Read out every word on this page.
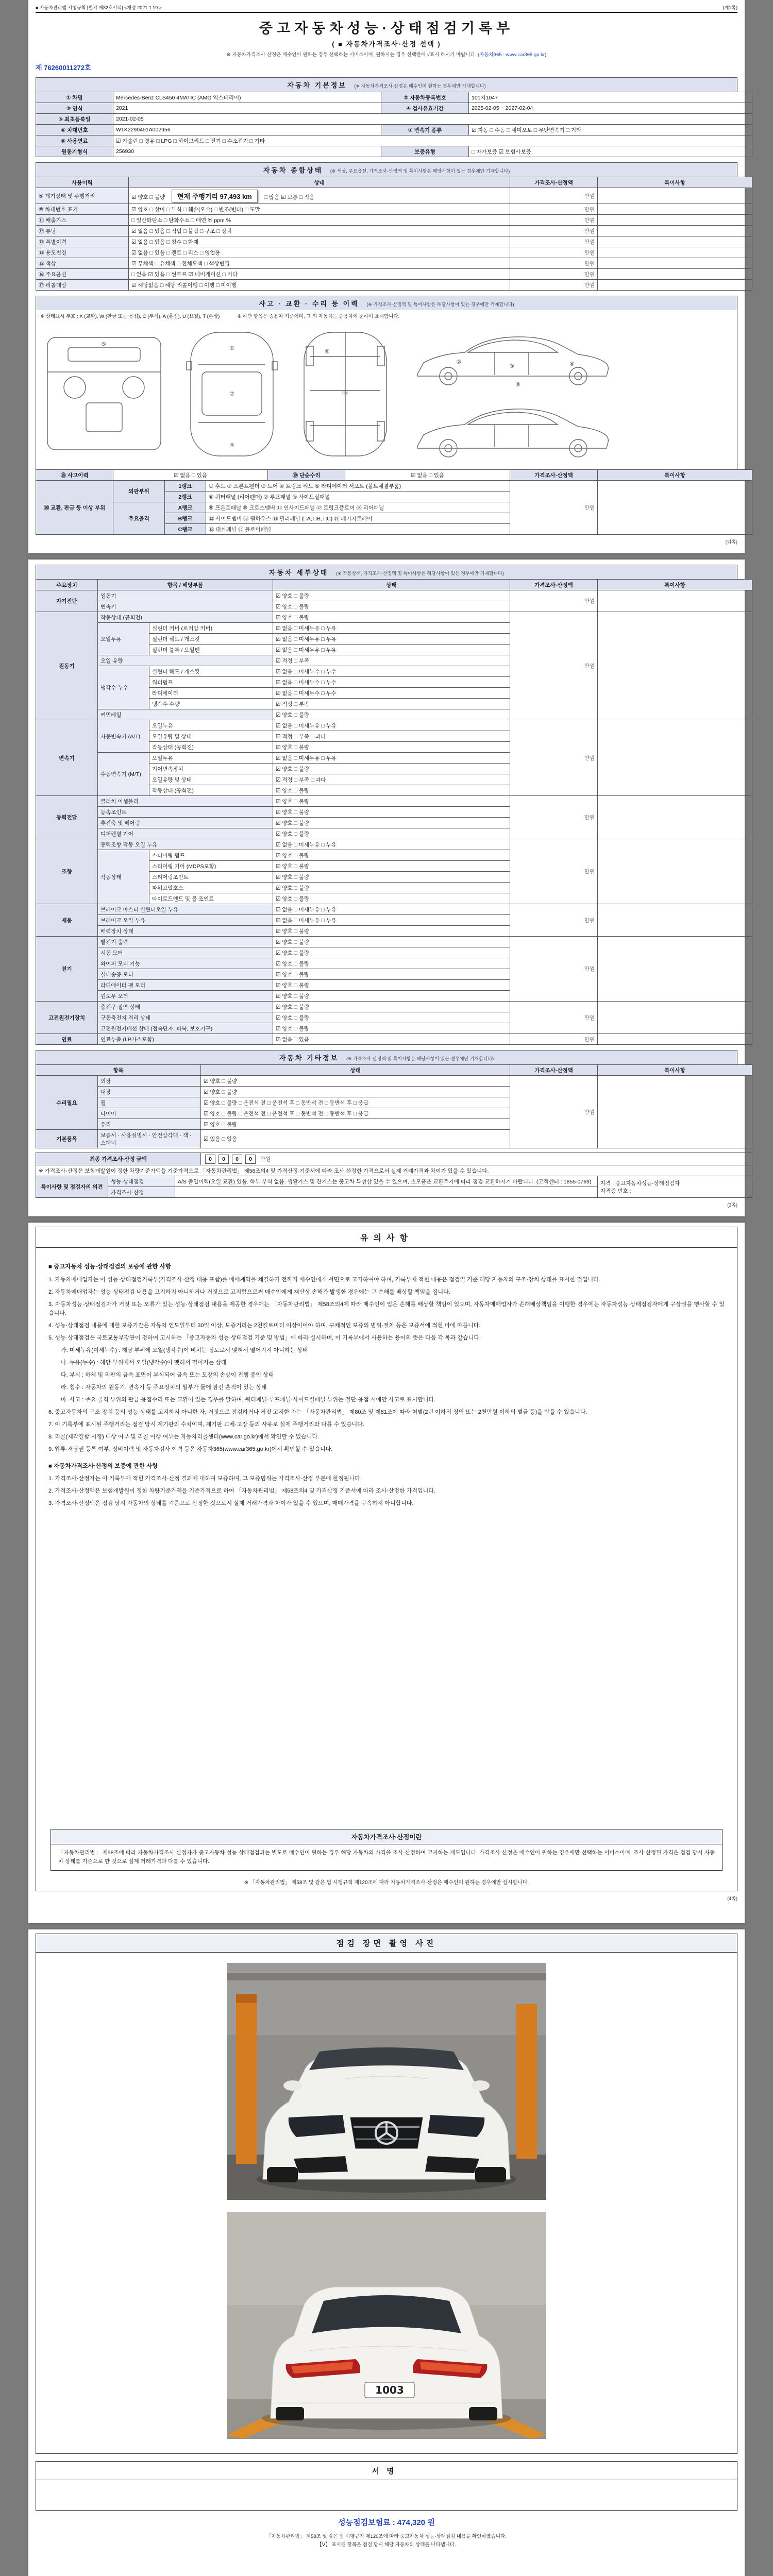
■ 자동차관리법 시행규칙 [별지 제82호서식] <개정 2021.1.19.>	(제1쪽)
중고자동차성능·상태점검기록부
( ■ 자동차가격조사·산정 선택 )
※ 자동차가격조사·산정은 매수인이 원하는 경우 선택하는 서비스이며, 원하시는 경우 선택란에 √표시 하시기 바랍니다. (자동차365 : www.car365.go.kr)
제 76260011272호
자동차 기본정보 (※ 자동차가격조사·산정은 매수인이 원하는 경우에만 기재합니다)
① 차명	Mercedes-Benz CLS450 4MATIC (AMG 익스테리어)	② 자동차등록번호	101저1047
③ 연식	2021	④ 검사유효기간	2025-02-05 ~ 2027-02-04
⑤ 최초등록일	2021-02-05		
⑥ 차대번호	W1K2290451A002956	⑦ 변속기 종류	☑ 자동 □ 수동 □ 세미오토 □ 무단변속기 □ 기타
⑧ 사용연료	☑ 가솔린 □ 경유 □ LPG □ 하이브리드 □ 전기 □ 수소전기 □ 기타		
원동기형식	256930	보증유형	□ 자가보증 ☑ 보험사보증
자동차 종합상태 (※ 색상, 주요옵션, 가격조사·산정액 및 특이사항은 해당사항이 있는 경우에만 기재합니다)
사용이력	상태	가격조사·산정액	특이사항
⑨ 계기상태 및 주행거리	☑ 양호 □ 불량 현재 주행거리 97,493 km □ 많음 ☑ 보통 □ 적음	만원	
⑩ 차대번호 표기	☑ 양호 □ 상이 □ 부식 □ 훼손(오손) □ 변조(변타) □ 도말	만원	
⑪ 배출가스	□ 일산화탄소 □ 탄화수소 □ 매연 % ppm %	만원	
⑫ 튜닝	☑ 없음 □ 있음 □ 적법 □ 불법 □ 구조 □ 장치	만원	
⑬ 특별이력	☑ 없음 □ 있음 □ 침수 □ 화재	만원	
⑭ 용도변경	☑ 없음 □ 있음 □ 렌트 □ 리스 □ 영업용	만원	
⑮ 색상	☑ 무채색 □ 유채색 □ 전체도색 □ 색상변경	만원	
⑯ 주요옵션	□ 없음 ☑ 있음 □ 썬루프 ☑ 네비게이션 □ 기타	만원	
⑰ 리콜대상	☑ 해당없음 □ 해당 리콜이행 □ 이행 □ 미이행	만원	
사고 · 교환 · 수리 등 이력 (※ 가격조사·산정액 및 특이사항은 해당사항이 있는 경우에만 기재합니다)
※ 상태표시 부호 : X (교환), W (판금 또는 용접), C (부식), A (흠집), U (요철), T (손상)	※ 하단 항목은 승용차 기준이며, 그 외 자동차는 승용차에 준하여 표시합니다.
①
⑦
④
⑯
⑨
②
③	⑥
⑧
⑤
⑱ 사고이력	☑ 없음 □ 있음	⑲ 단순수리	☑ 없음 □ 있음	가격조사·산정액	특이사항
⑳ 교환, 판금 등 이상 부위	외판부위	1랭크	① 후드 ② 프론트펜더 ③ 도어 ④ 트렁크 리드 ⑤ 라디에이터 서포트 (볼트체결부품)	만원	
		2랭크	⑥ 쿼터패널 (리어펜더) ⑦ 루프패널 ⑧ 사이드실패널		
	주요골격	A랭크	⑨ 프론트패널 ⑩ 크로스멤버 ⑪ 인사이드패널 ⑰ 트렁크플로어 ⑱ 리어패널		
		B랭크	⑫ 사이드멤버 ⑬ 휠하우스 ⑭ 필러패널 (□A, □B, □C) ⑲ 패키지트레이		
		C랭크	⑮ 대쉬패널 ⑯ 플로어패널		
(뒤쪽)
자동차 세부상태 (※ 작동상태, 가격조사·산정액 및 특이사항은 해당사항이 있는 경우에만 기재합니다)
주요장치	항목 / 해당부품		상태	가격조사·산정액	특이사항
자기진단	원동기		☑ 양호 □ 불량	만원	
	변속기		☑ 양호 □ 불량		
원동기	작동상태 (공회전)		☑ 양호 □ 불량	만원	
	오일누유	실린더 커버 (로커암 커버)	☑ 없음 □ 미세누유 □ 누유		
		실린더 헤드 / 개스킷	☑ 없음 □ 미세누유 □ 누유		
		실린더 블록 / 오일팬	☑ 없음 □ 미세누유 □ 누유		
	오일 유량		☑ 적정 □ 부족		
	냉각수 누수	실린더 헤드 / 개스킷	☑ 없음 □ 미세누수 □ 누수		
		워터펌프	☑ 없음 □ 미세누수 □ 누수		
		라디에이터	☑ 없음 □ 미세누수 □ 누수		
		냉각수 수량	☑ 적정 □ 부족		
	커먼레일		☑ 양호 □ 불량		
변속기	자동변속기 (A/T)	오일누유	☑ 없음 □ 미세누유 □ 누유	만원	
		오일유량 및 상태	☑ 적정 □ 부족 □ 과다		
		작동상태 (공회전)	☑ 양호 □ 불량		
	수동변속기 (M/T)	오일누유	☑ 없음 □ 미세누유 □ 누유		
		기어변속장치	☑ 양호 □ 불량		
		오일유량 및 상태	☑ 적정 □ 부족 □ 과다		
		작동상태 (공회전)	☑ 양호 □ 불량		
동력전달	클러치 어셈블리		☑ 양호 □ 불량	만원	
	등속조인트		☑ 양호 □ 불량		
	추진축 및 베어링		☑ 양호 □ 불량		
	디퍼렌셜 기어		☑ 양호 □ 불량		
조향	동력조향 작동 오일 누유		☑ 없음 □ 미세누유 □ 누유	만원	
	작동상태	스티어링 펌프	☑ 양호 □ 불량		
		스티어링 기어 (MDPS포함)	☑ 양호 □ 불량		
		스티어링조인트	☑ 양호 □ 불량		
		파워고압호스	☑ 양호 □ 불량		
		타이로드엔드 및 볼 조인트	☑ 양호 □ 불량		
제동	브레이크 마스터 실린더오일 누유		☑ 없음 □ 미세누유 □ 누유	만원	
	브레이크 오일 누유		☑ 없음 □ 미세누유 □ 누유		
	배력장치 상태		☑ 양호 □ 불량		
전기	발전기 출력		☑ 양호 □ 불량	만원	
	시동 모터		☑ 양호 □ 불량		
	와이퍼 모터 기능		☑ 양호 □ 불량		
	실내송풍 모터		☑ 양호 □ 불량		
	라디에이터 팬 모터		☑ 양호 □ 불량		
	윈도우 모터		☑ 양호 □ 불량		
고전원전기장치	충전구 절연 상태		☑ 양호 □ 불량	만원	
	구동축전지 격리 상태		☑ 양호 □ 불량		
	고전원전기배선 상태 (접속단자, 피복, 보호기구)		☑ 양호 □ 불량		
연료	연료누출 (LP가스포함)		☑ 없음 □ 있음	만원	
자동차 기타정보 (※ 가격조사·산정액 및 특이사항은 해당사항이 있는 경우에만 기재합니다)
항목		상태	가격조사·산정액	특이사항
수리필요	외장	☑ 양호 □ 불량	만원	
	내장	☑ 양호 □ 불량		
	휠	☑ 양호 □ 불량 □ 운전석 전 □ 운전석 후 □ 동반석 전 □ 동반석 후 □ 응급		
	타이어	☑ 양호 □ 불량 □ 운전석 전 □ 운전석 후 □ 동반석 전 □ 동반석 후 □ 응급		
	유리	☑ 양호 □ 불량		
기본품목	보증서 · 사용설명서 · 안전삼각대 · 잭 · 스패너	☑ 있음 □ 없음		
최종 가격조사·산정 금액	0 0 0 0 만원
※ 가격조사·산정은 보험개발원이 정한 차량기준가액을 기준가격으로 「자동차관리법」 제58조의4 및 가격산정 기준서에 따라 조사·산정한 가격으로서 실제 거래가격과 차이가 있을 수 있습니다.
특이사항 및 점검자의 의견	성능·상태점검	A/S 출입이력(오일 교환) 있음. 하부 부식 없음. 생활기스 및 잔기스는 중고차 특성상 있을 수 있으며, 소모품은 교환주기에 따라 점검·교환하시기 바랍니다. (고객센터 : 1855-0769)	자격 : 중고자동차성능·상태점검자
자격증 번호 :

	가격조사·산정		
(3쪽)
유의사항

■ 중고자동차 성능·상태점검의 보증에 관한 사항

1. 자동차매매업자는 이 성능·상태점검기록부(가격조사·산정 내용 포함)를 매매계약을 체결하기 전까지 매수인에게 서면으로 고지하여야 하며, 기록부에 적힌 내용은 점검일 기준 해당 자동차의 구조·장치 상태를 표시한 것입니다.

2. 자동차매매업자는 성능·상태점검 내용을 고지하지 아니하거나 거짓으로 고지함으로써 매수인에게 재산상 손해가 발생한 경우에는 그 손해를 배상할 책임을 집니다.

3. 자동차성능·상태점검자가 거짓 또는 오류가 있는 성능·상태점검 내용을 제공한 경우에는 「자동차관리법」 제58조의4에 따라 매수인이 입은 손해를 배상할 책임이 있으며, 자동차매매업자가 손해배상책임을 이행한 경우에는 자동차성능·상태점검자에게 구상권을 행사할 수 있습니다.

4. 성능·상태점검 내용에 대한 보증기간은 자동차 인도일부터 30일 이상, 보증거리는 2천킬로미터 이상이어야 하며, 구체적인 보증의 범위·절차 등은 보증서에 적힌 바에 따릅니다.

5. 성능·상태점검은 국토교통부장관이 정하여 고시하는 「중고자동차 성능·상태점검 기준 및 방법」에 따라 실시하며, 이 기록부에서 사용하는 용어의 뜻은 다음 각 목과 같습니다.

가. 미세누유(미세누수) : 해당 부위에 오일(냉각수)이 비치는 정도로서 맺혀서 떨어지지 아니하는 상태

나. 누유(누수) : 해당 부위에서 오일(냉각수)이 맺혀서 떨어지는 상태

다. 부식 : 하체 및 외판의 금속 표면이 부식되어 금속 또는 도장의 손상이 진행 중인 상태

라. 침수 : 자동차의 원동기, 변속기 등 주요장치의 일부가 물에 잠긴 흔적이 있는 상태

마. 사고 : 주요 골격 부위의 판금·용접수리 또는 교환이 있는 경우를 말하며, 쿼터패널·루프패널·사이드실패널 부위는 절단·용접 시에만 사고로 표시합니다.

6. 중고자동차의 구조·장치 등의 성능·상태를 고지하지 아니한 자, 거짓으로 점검하거나 거짓 고지한 자는 「자동차관리법」 제80조 및 제81조에 따라 처벌(2년 이하의 징역 또는 2천만원 이하의 벌금 등)을 받을 수 있습니다.

7. 이 기록부에 표시된 주행거리는 점검 당시 계기판의 수치이며, 계기판 교체·고장 등의 사유로 실제 주행거리와 다를 수 있습니다.

8. 리콜(제작결함 시정) 대상 여부 및 리콜 이행 여부는 자동차리콜센터(www.car.go.kr)에서 확인할 수 있습니다.

9. 압류·저당권 등록 여부, 정비이력 및 자동차검사 이력 등은 자동차365(www.car365.go.kr)에서 확인할 수 있습니다.

■ 자동차가격조사·산정의 보증에 관한 사항

1. 가격조사·산정자는 이 기록부에 적힌 가격조사·산정 결과에 대하여 보증하며, 그 보증범위는 가격조사·산정 부분에 한정됩니다.

2. 가격조사·산정액은 보험개발원이 정한 차량기준가액을 기준가격으로 하여 「자동차관리법」 제58조의4 및 가격산정 기준서에 따라 조사·산정한 가격입니다.

3. 가격조사·산정액은 점검 당시 자동차의 상태를 기준으로 산정한 것으로서 실제 거래가격과 차이가 있을 수 있으며, 매매가격을 구속하지 아니합니다.

자동차가격조사·산정이란
「자동차관리법」 제58조에 따라 자동차가격조사·산정자가 중고자동차 성능·상태점검과는 별도로 매수인이 원하는 경우 해당 자동차의 가격을 조사·산정하여 고지하는 제도입니다. 가격조사·산정은 매수인이 원하는 경우에만 선택하는 서비스이며, 조사·산정된 가격은 점검 당시 자동차 상태를 기준으로 한 것으로 실제 거래가격과 다를 수 있습니다.
※ 「자동차관리법」 제58조 및 같은 법 시행규칙 제120조에 따라 자동차가격조사·산정은 매수인이 원하는 경우에만 실시합니다.
(4쪽)
점검 장면 촬영 사진
1003
서명
성능점검보험료 : 474,320 원
「자동차관리법」 제58조 및 같은 법 시행규칙 제120조에 따라 중고자동차 성능·상태점검 내용을 확인하였습니다.
【Ⅴ】 표시된 항목은 점검 당시 해당 자동차의 상태를 나타냅니다.
